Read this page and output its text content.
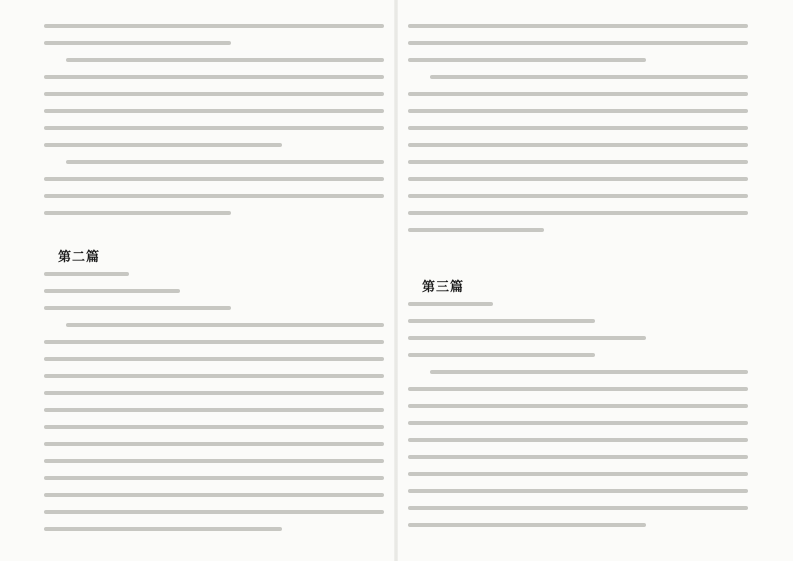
第二篇
第三篇
